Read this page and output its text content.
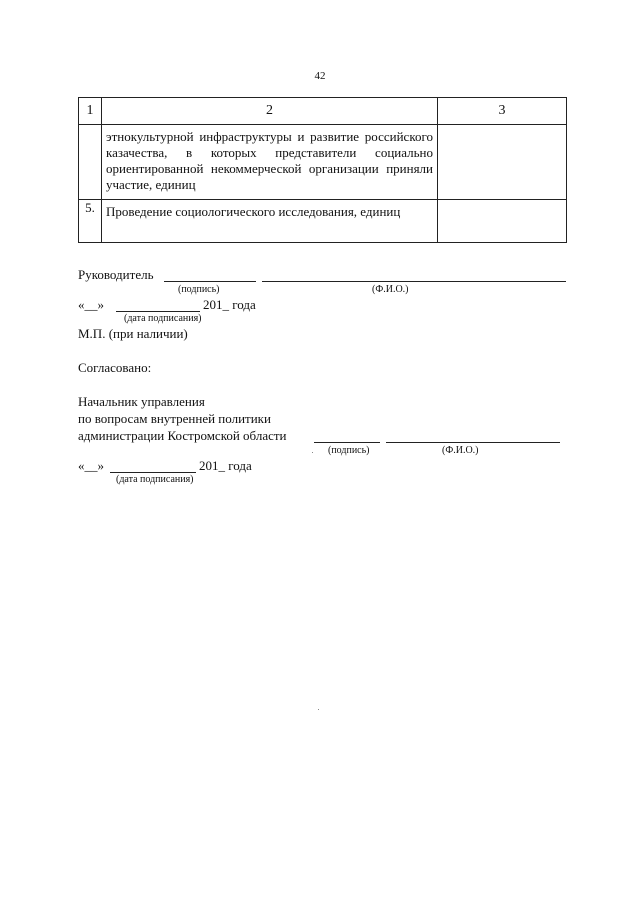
42
1	2	3

	этнокультурной инфраструктуры и развитие российского казачества, в которых представители социально ориентированной некоммерческой организации приняли участие, единиц	

5.	Проведение социологического исследования, единиц	

Руководитель
(подпись)	(Ф.И.О.)
«__»	201_ года
(дата подписания)
М.П. (при наличии)
Согласовано:
Начальник управления
по вопросам внутренней политики
администрации Костромской области
(подпись)	(Ф.И.О.)
«__»	201_ года
(дата подписания)
